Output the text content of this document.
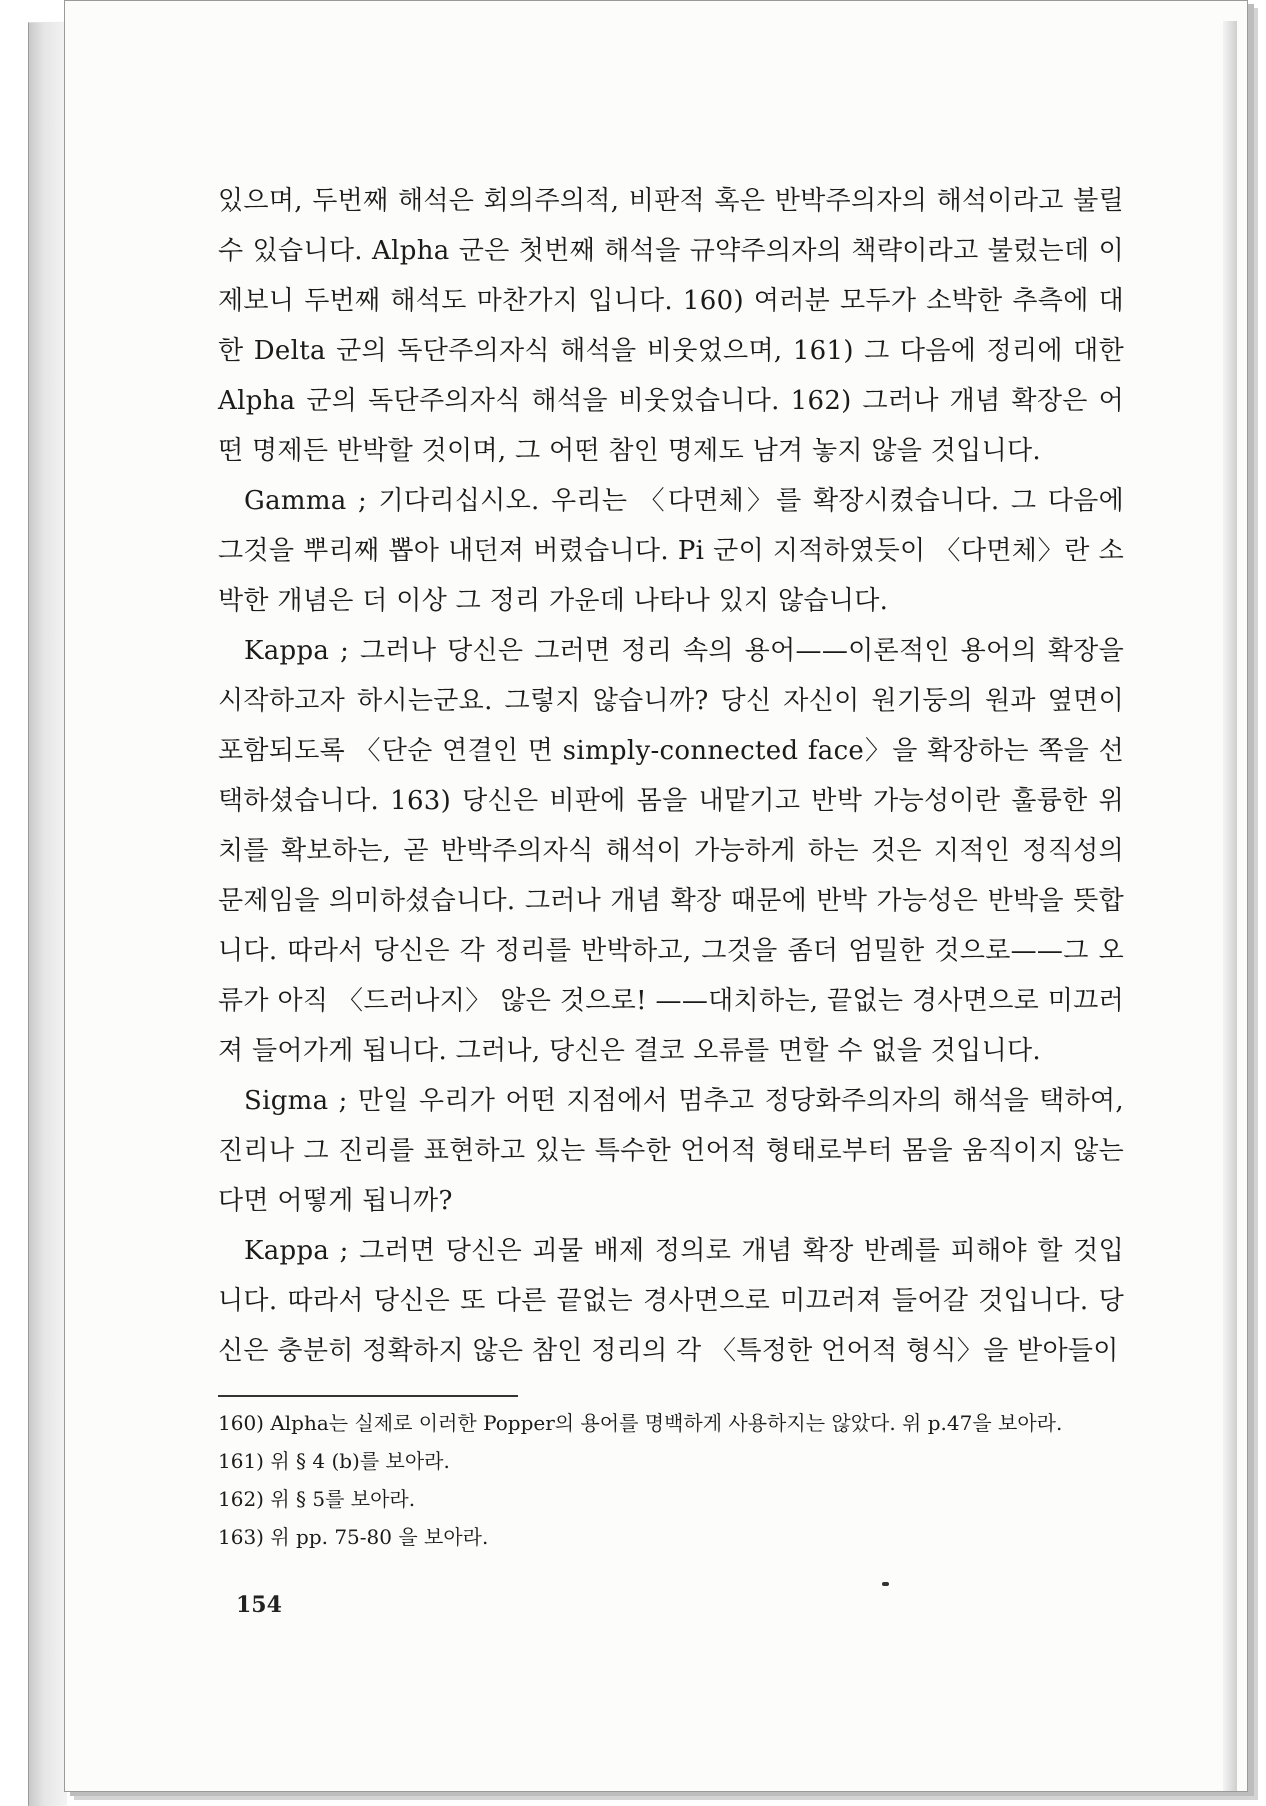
있으며, 두번째 해석은 회의주의적, 비판적 혹은 반박주의자의 해석이라고 불릴 수 있습니다. Alpha 군은 첫번째 해석을 규약주의자의 책략이라고 불렀는데 이제보니 두번째 해석도 마찬가지 입니다. 160) 여러분 모두가 소박한 추측에 대한 Delta 군의 독단주의자식 해석을 비웃었으며, 161) 그 다음에 정리에 대한 Alpha 군의 독단주의자식 해석을 비웃었습니다. 162) 그러나 개념 확장은 어떤 명제든 반박할 것이며, 그 어떤 참인 명제도 남겨 놓지 않을 것입니다.

Gamma ; 기다리십시오. 우리는 〈다면체〉를 확장시켰습니다. 그 다음에 그것을 뿌리째 뽑아 내던져 버렸습니다. Pi 군이 지적하였듯이 〈다면체〉란 소박한 개념은 더 이상 그 정리 가운데 나타나 있지 않습니다.

Kappa ; 그러나 당신은 그러면 정리 속의 용어——이론적인 용어의 확장을 시작하고자 하시는군요. 그렇지 않습니까? 당신 자신이 원기둥의 원과 옆면이 포함되도록 〈단순 연결인 면 simply-connected face〉을 확장하는 쪽을 선택하셨습니다. 163) 당신은 비판에 몸을 내맡기고 반박 가능성이란 훌륭한 위치를 확보하는, 곧 반박주의자식 해석이 가능하게 하는 것은 지적인 정직성의 문제임을 의미하셨습니다. 그러나 개념 확장 때문에 반박 가능성은 반박을 뜻합니다. 따라서 당신은 각 정리를 반박하고, 그것을 좀더 엄밀한 것으로——그 오류가 아직 〈드러나지〉 않은 것으로! ——대치하는, 끝없는 경사면으로 미끄러져 들어가게 됩니다. 그러나, 당신은 결코 오류를 면할 수 없을 것입니다.

Sigma ; 만일 우리가 어떤 지점에서 멈추고 정당화주의자의 해석을 택하여, 진리나 그 진리를 표현하고 있는 특수한 언어적 형태로부터 몸을 움직이지 않는다면 어떻게 됩니까?

Kappa ; 그러면 당신은 괴물 배제 정의로 개념 확장 반례를 피해야 할 것입니다. 따라서 당신은 또 다른 끝없는 경사면으로 미끄러져 들어갈 것입니다. 당신은 충분히 정확하지 않은 참인 정리의 각 〈특정한 언어적 형식〉을 받아들이

160) Alpha는 실제로 이러한 Popper의 용어를 명백하게 사용하지는 않았다. 위 p.47을 보아라.
161) 위 § 4 (b)를 보아라.
162) 위 § 5를 보아라.
163) 위 pp. 75-80 을 보아라.
154
